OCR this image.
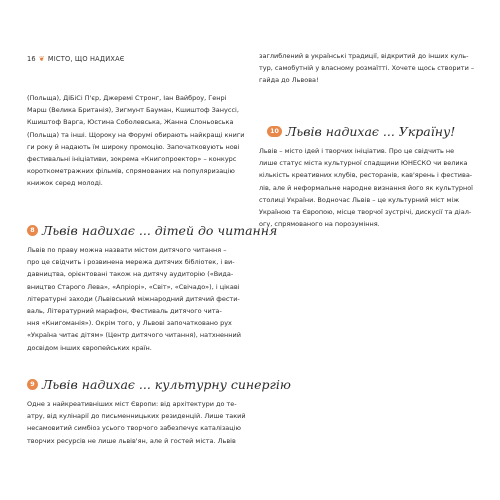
16 ❦ МІСТО, ЩО НАДИХАЄ
(Польща), ДіБіСі П'єр, Джеремі Стронг, Іан Вайброу, Генрі
Марш (Велика Британія), Зигмунт Бауман, Кшиштоф Зануссі,
Кшиштоф Варга, Юстина Соболевська, Жанна Слоньовська
(Польща) та інші. Щороку на Форумі обирають найкращі книги
ги року й надають їм широку промоцію. Започатковують нові
фестивальні ініціативи, зокрема «Книгопроектор» – конкурс
короткометражних фільмів, спрямованих на популяризацію
книжок серед молоді.
8 Львів надихає ... дітей до читання
Львів по праву можна назвати містом дитячого читання –
про це свідчить і розвинена мережа дитячих бібліотек, і ви-
давництва, орієнтовані також на дитячу аудиторію («Вида-
вництво Старого Лева», «Апріорі», «Світ», «Свічадо»), і цікаві
літературні заходи (Львівський міжнародний дитячий фести-
валь, Літературний марафон, Фестиваль дитячого чита-
ння «Книгоманія»). Окрім того, у Львові започатковано рух
«Україна читає дітям» (Центр дитячого читання), натхненний
досвідом інших європейських країн.
9 Львів надихає ... культурну синергію
Одне з найкреативніших міст Європи: від архітектури до те-
атру, від кулінарії до письменницьких резиденцій. Лише такий
несамовитий симбіоз усього творчого забезпечує каталізацію
творчих ресурсів не лише львів'ян, але й гостей міста. Львів
заглиблений в українські традиції, відкритий до інших куль-
тур, самобутній у власному розмаїтті. Хочете щось створити –
гайда до Львова!
10 Львів надихає ... Україну!
Львів – місто ідей і творчих ініціатив. Про це свідчить не
лише статус міста культурної спадщини ЮНЕСКО чи велика
кількість креативних клубів, ресторанів, кав'ярень і фестива-
лів, але й неформальне народне визнання його як культурної
столиці України. Водночас Львів – це культурний міст між
Україною та Європою, місце творчої зустрічі, дискусії та діал-
огу, спрямованого на порозуміння.
